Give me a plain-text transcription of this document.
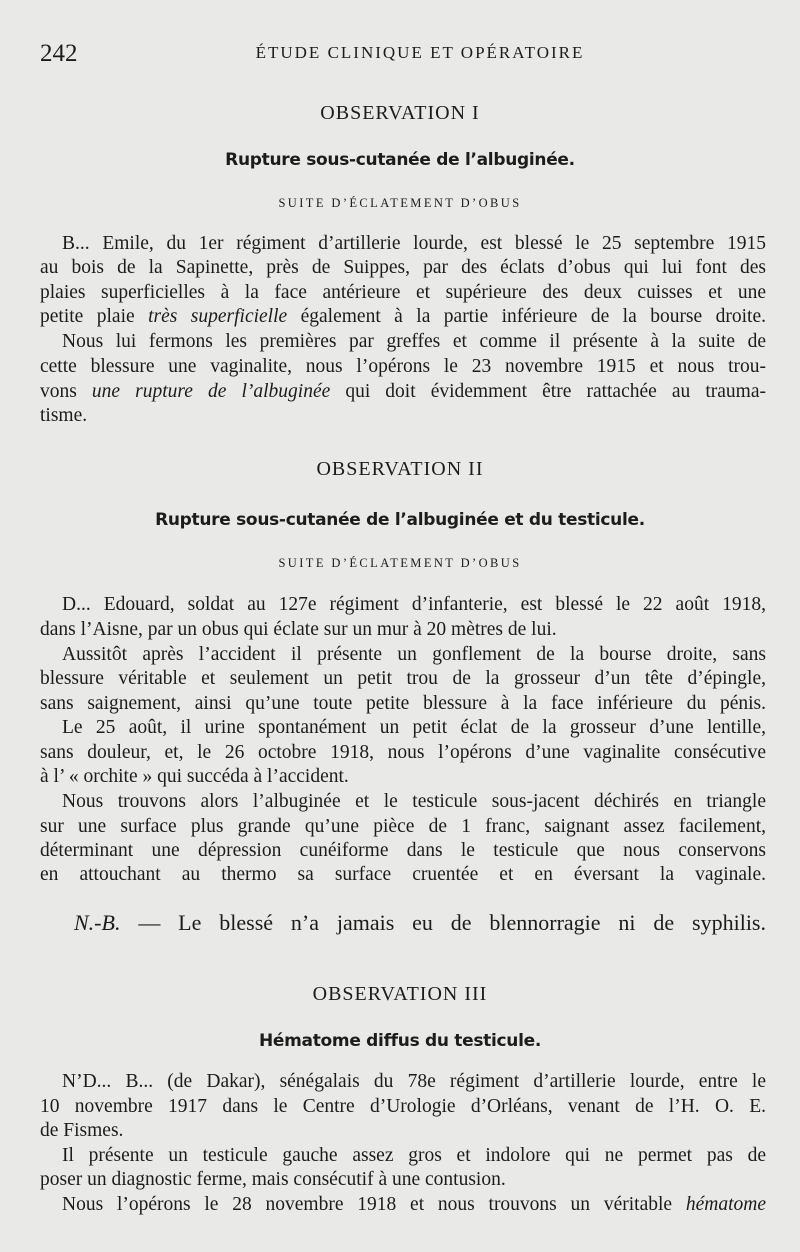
242	ÉTUDE CLINIQUE ET OPÉRATOIRE
OBSERVATION I
Rupture sous-cutanée de l’albuginée.
SUITE D’ÉCLATEMENT D’OBUS
B... Emile, du 1er régiment d’artillerie lourde, est blessé le 25 septembre 1915
au bois de la Sapinette, près de Suippes, par des éclats d’obus qui lui font des
plaies superficielles à la face antérieure et supérieure des deux cuisses et une
petite plaie très superficielle également à la partie inférieure de la bourse droite.
Nous lui fermons les premières par greffes et comme il présente à la suite de
cette blessure une vaginalite, nous l’opérons le 23 novembre 1915 et nous trou-
vons une rupture de l’albuginée qui doit évidemment être rattachée au trauma-
tisme.
OBSERVATION II
Rupture sous-cutanée de l’albuginée et du testicule.
SUITE D’ÉCLATEMENT D’OBUS
D... Edouard, soldat au 127e régiment d’infanterie, est blessé le 22 août 1918,
dans l’Aisne, par un obus qui éclate sur un mur à 20 mètres de lui.
Aussitôt après l’accident il présente un gonflement de la bourse droite, sans
blessure véritable et seulement un petit trou de la grosseur d’un tête d’épingle,
sans saignement, ainsi qu’une toute petite blessure à la face inférieure du pénis.
Le 25 août, il urine spontanément un petit éclat de la grosseur d’une lentille,
sans douleur, et, le 26 octobre 1918, nous l’opérons d’une vaginalite consécutive
à l’ « orchite » qui succéda à l’accident.
Nous trouvons alors l’albuginée et le testicule sous-jacent déchirés en triangle
sur une surface plus grande qu’une pièce de 1 franc, saignant assez facilement,
déterminant une dépression cunéiforme dans le testicule que nous conservons
en attouchant au thermo sa surface cruentée et en éversant la vaginale.
N.-B. — Le blessé n’a jamais eu de blennorragie ni de syphilis.
OBSERVATION III
Hématome diffus du testicule.
N’D... B... (de Dakar), sénégalais du 78e régiment d’artillerie lourde, entre le
10 novembre 1917 dans le Centre d’Urologie d’Orléans, venant de l’H. O. E.
de Fismes.
Il présente un testicule gauche assez gros et indolore qui ne permet pas de
poser un diagnostic ferme, mais consécutif à une contusion.
Nous l’opérons le 28 novembre 1918 et nous trouvons un véritable hématome
